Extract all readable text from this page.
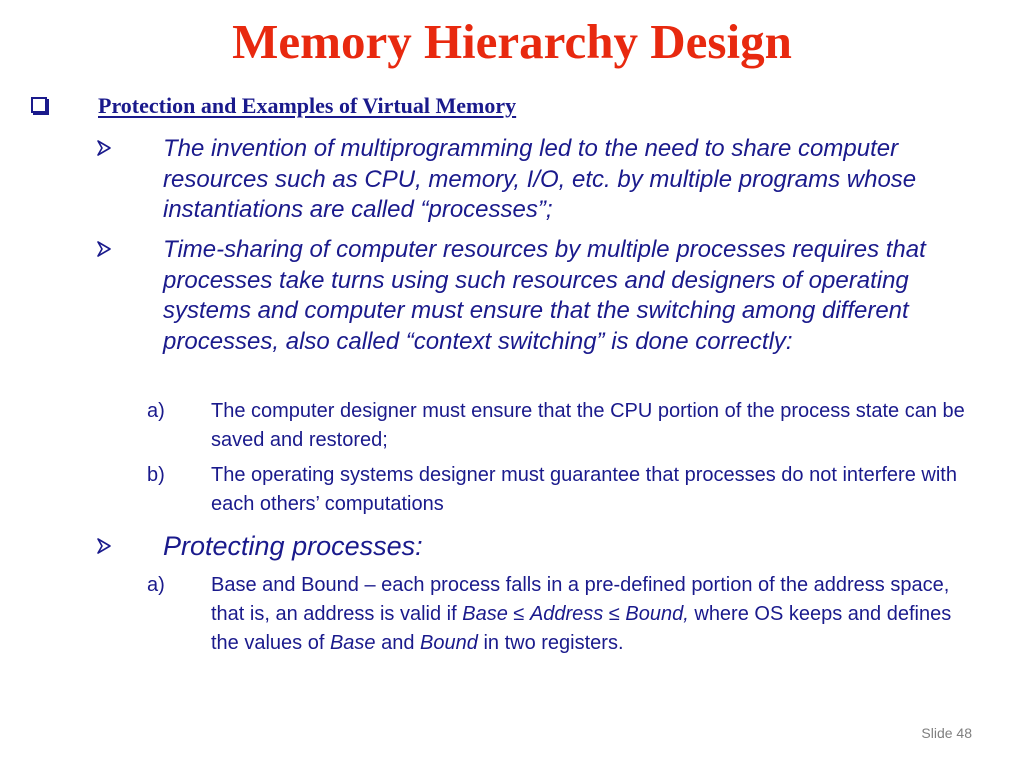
Memory Hierarchy Design
Protection and Examples of Virtual Memory
The invention of multiprogramming led to the need to share computer resources such as CPU, memory, I/O, etc. by multiple programs whose instantiations are called “processes”;
Time-sharing of computer resources by multiple processes requires that processes take turns using such resources and designers of operating systems and computer must ensure that the switching among different processes, also called “context switching” is done correctly:
a) The computer designer must ensure that the CPU portion of the process state can be saved and restored;
b) The operating systems designer must guarantee that processes do not interfere with each others’ computations
Protecting processes:
a) Base and Bound – each process falls in a pre-defined portion of the address space, that is, an address is valid if Base ≤ Address ≤ Bound, where OS keeps and defines the values of Base and Bound in two registers.
Slide 48
